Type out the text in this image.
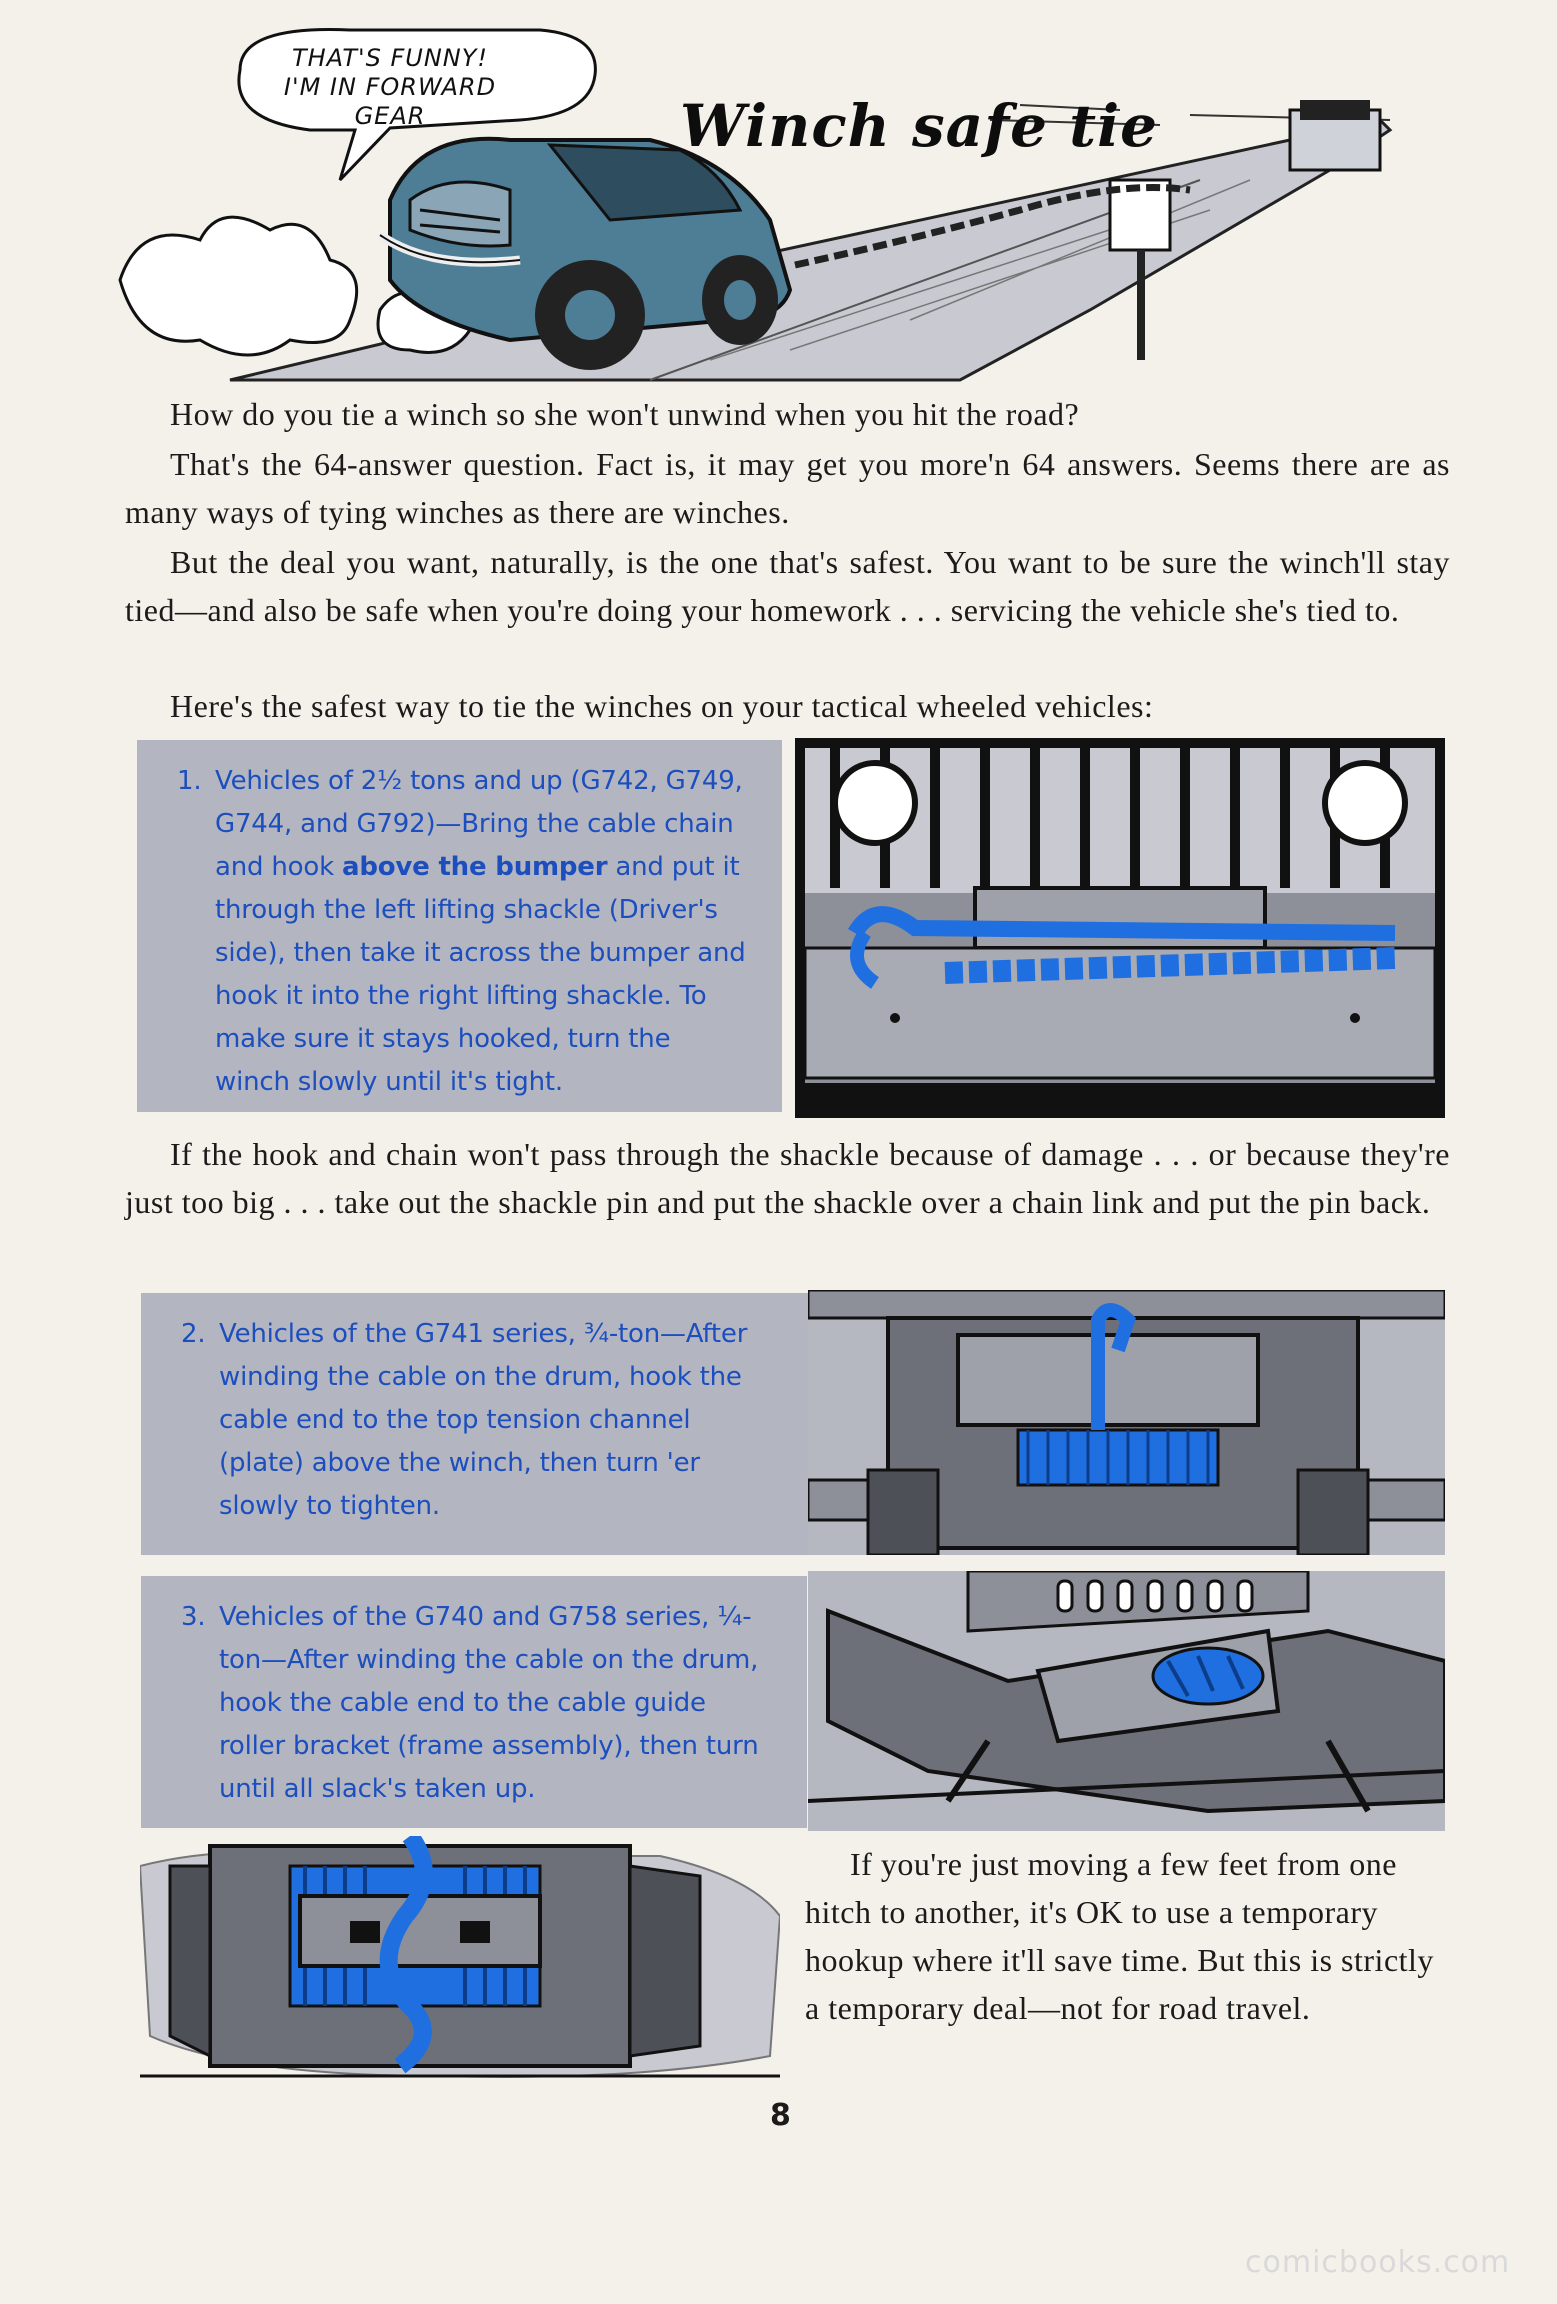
THAT'S FUNNY!
I'M IN FORWARD
GEAR	Winch safe tie

How do you tie a winch so she won't unwind when you hit the road?

That's the 64-answer question. Fact is, it may get you more'n 64 answers. Seems there are as many ways of tying winches as there are winches.

But the deal you want, naturally, is the one that's safest. You want to be sure the winch'll stay tied—and also be safe when you're doing your homework . . . servicing the vehicle she's tied to.

Here's the safest way to tie the winches on your tactical wheeled vehicles:

1. Vehicles of 2½ tons and up (G742, G749, G744, and G792)—Bring the cable chain and hook above the bumper and put it through the left lifting shackle (Driver's side), then take it across the bumper and hook it into the right lifting shackle. To make sure it stays hooked, turn the winch slowly until it's tight.

If the hook and chain won't pass through the shackle because of damage . . . or because they're just too big . . . take out the shackle pin and put the shackle over a chain link and put the pin back.

2. Vehicles of the G741 series, ¾-ton—After winding the cable on the drum, hook the cable end to the top tension channel (plate) above the winch, then turn 'er slowly to tighten.
3. Vehicles of the G740 and G758 series, ¼-ton—After winding the cable on the drum, hook the cable end to the cable guide roller bracket (frame assembly), then turn until all slack's taken up.

If you're just moving a few feet from one hitch to another, it's OK to use a temporary hookup where it'll save time. But this is strictly a temporary deal—not for road travel.

8
comicbooks.com
